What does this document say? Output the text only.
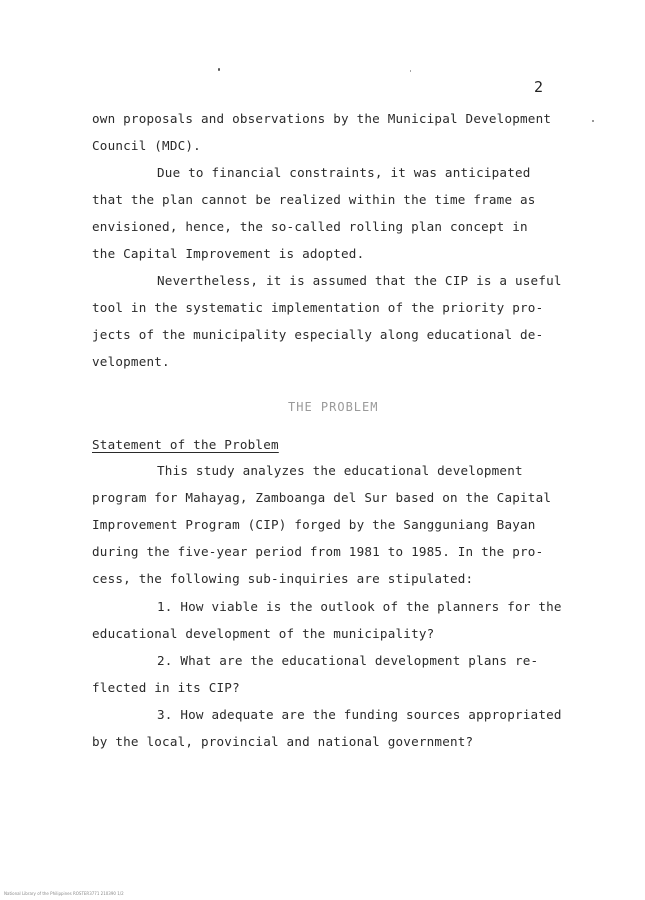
2
own proposals and observations by the Municipal Development
Council (MDC).
Due to financial constraints, it was anticipated
that the plan cannot be realized within the time frame as
envisioned, hence, the so-called rolling plan concept in
the Capital Improvement is adopted.
Nevertheless, it is assumed that the CIP is a useful
tool in the systematic implementation of the priority pro-
jects of the municipality especially along educational de-
velopment.
THE PROBLEM
Statement of the Problem
This study analyzes the educational development
program for Mahayag, Zamboanga del Sur based on the Capital
Improvement Program (CIP) forged by the Sangguniang Bayan
during the five-year period from 1981 to 1985. In the pro-
cess, the following sub-inquiries are stipulated:
1. How viable is the outlook of the planners for the
educational development of the municipality?
2. What are the educational development plans re-
flected in its CIP?
3. How adequate are the funding sources appropriated
by the local, provincial and national government?
National Library of the Philippines ROSTER3771 210390 1/2
